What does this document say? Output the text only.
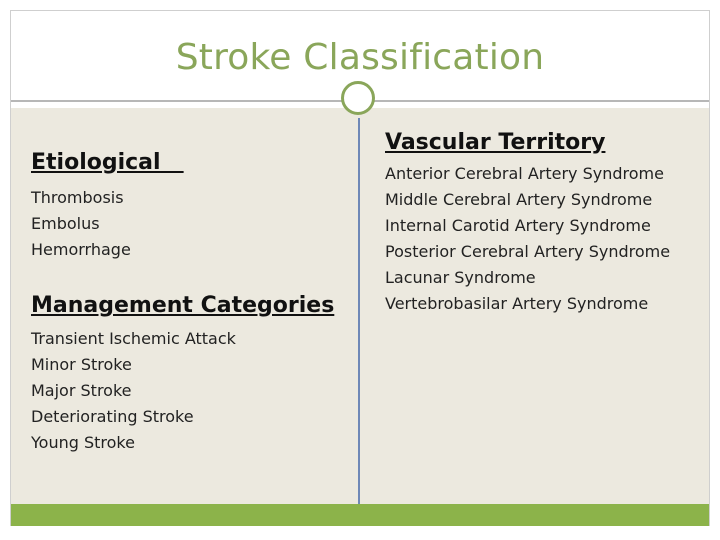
Stroke Classification
Etiological
Thrombosis
Embolus
Hemorrhage
Management Categories
Transient Ischemic Attack
Minor Stroke
Major Stroke
Deteriorating Stroke
Young Stroke
Vascular Territory
Anterior Cerebral Artery Syndrome
Middle Cerebral Artery Syndrome
Internal Carotid Artery Syndrome
Posterior Cerebral Artery Syndrome
Lacunar Syndrome
Vertebrobasilar Artery Syndrome
